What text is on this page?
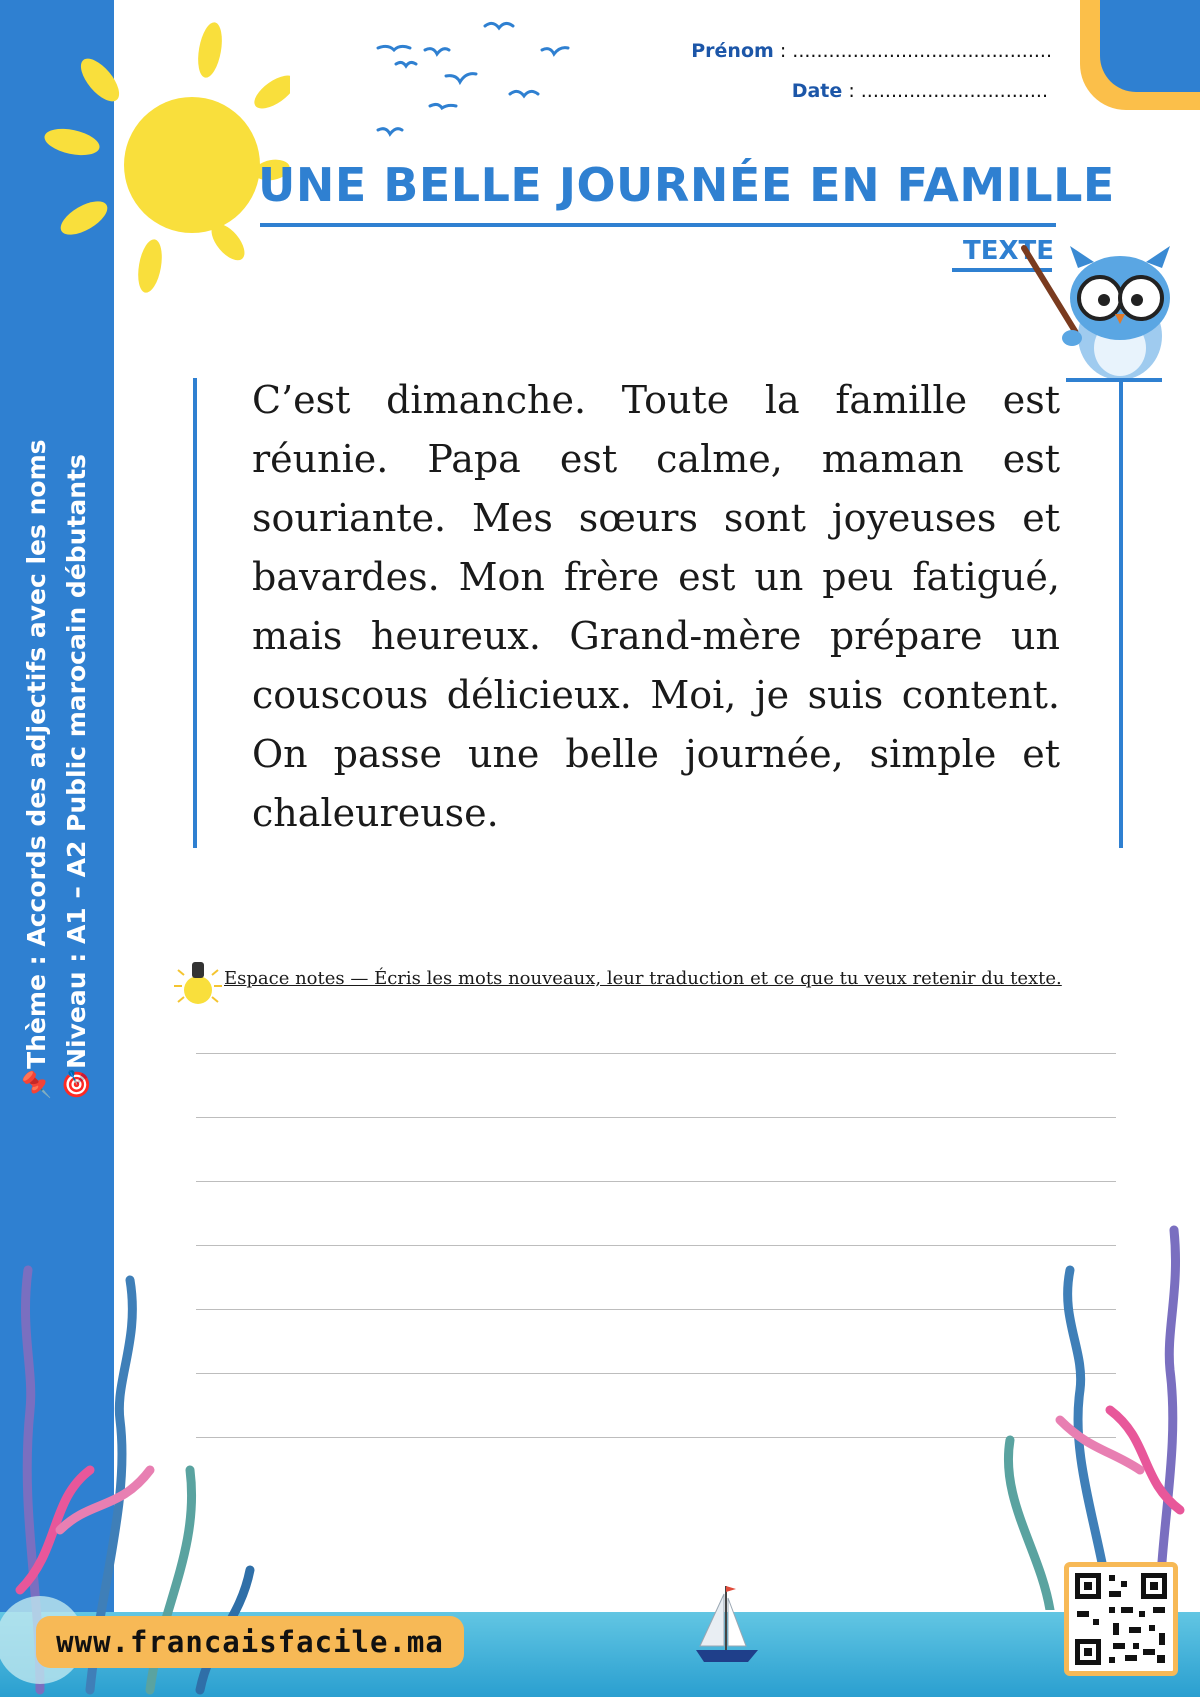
📌Thème : Accords des adjectifs avec les noms 🎯Niveau : A1 – A2 Public marocain débutants
Prénom : ...........................................
Date : ...............................
UNE BELLE JOURNÉE EN FAMILLE
TEXTE
C’est dimanche. Toute la famille est réunie. Papa est calme, maman est souriante. Mes sœurs sont joyeuses et bavardes. Mon frère est un peu fatigué, mais heureux. Grand-mère prépare un couscous délicieux. Moi, je suis content. On passe une belle journée, simple et chaleureuse.
Espace notes — Écris les mots nouveaux, leur traduction et ce que tu veux retenir du texte.
www.francaisfacile.ma
